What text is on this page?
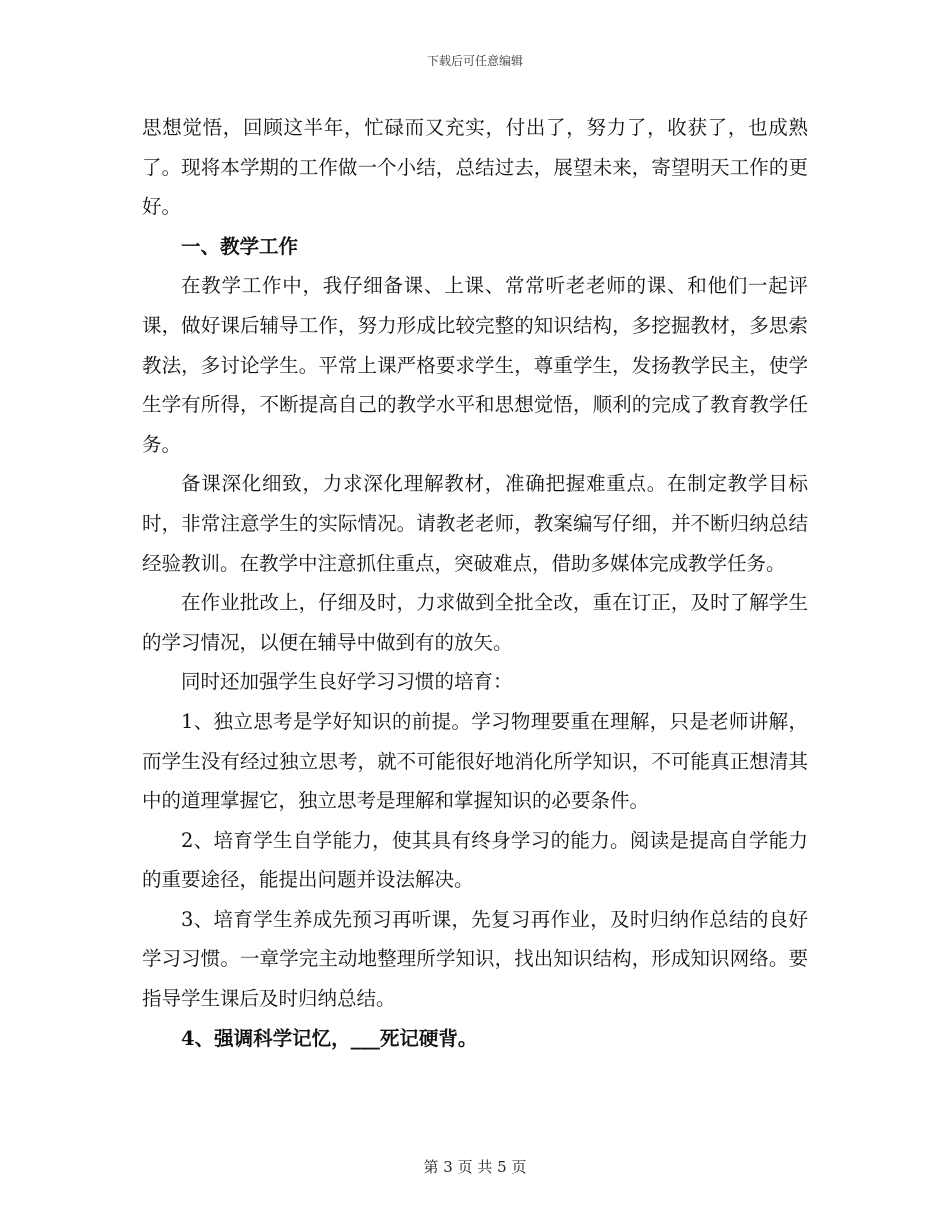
下载后可任意编辑

思想觉悟，回顾这半年，忙碌而又充实，付出了，努力了，收获了，也成熟了。现将本学期的工作做一个小结，总结过去，展望未来，寄望明天工作的更好。

一、教学工作

在教学工作中，我仔细备课、上课、常常听老老师的课、和他们一起评课，做好课后辅导工作，努力形成比较完整的知识结构，多挖掘教材，多思索教法，多讨论学生。平常上课严格要求学生，尊重学生，发扬教学民主，使学生学有所得，不断提高自己的教学水平和思想觉悟，顺利的完成了教育教学任务。

备课深化细致，力求深化理解教材，准确把握难重点。在制定教学目标时，非常注意学生的实际情况。请教老老师，教案编写仔细，并不断归纳总结经验教训。在教学中注意抓住重点，突破难点，借助多媒体完成教学任务。

在作业批改上，仔细及时，力求做到全批全改，重在订正，及时了解学生的学习情况，以便在辅导中做到有的放矢。

同时还加强学生良好学习习惯的培育：

1、独立思考是学好知识的前提。学习物理要重在理解，只是老师讲解，而学生没有经过独立思考，就不可能很好地消化所学知识，不可能真正想清其中的道理掌握它，独立思考是理解和掌握知识的必要条件。

2、培育学生自学能力，使其具有终身学习的能力。阅读是提高自学能力的重要途径，能提出问题并设法解决。

3、培育学生养成先预习再听课，先复习再作业，及时归纳作总结的良好学习习惯。一章学完主动地整理所学知识，找出知识结构，形成知识网络。要指导学生课后及时归纳总结。

4、强调科学记忆，___死记硬背。

第 3 页 共 5 页
